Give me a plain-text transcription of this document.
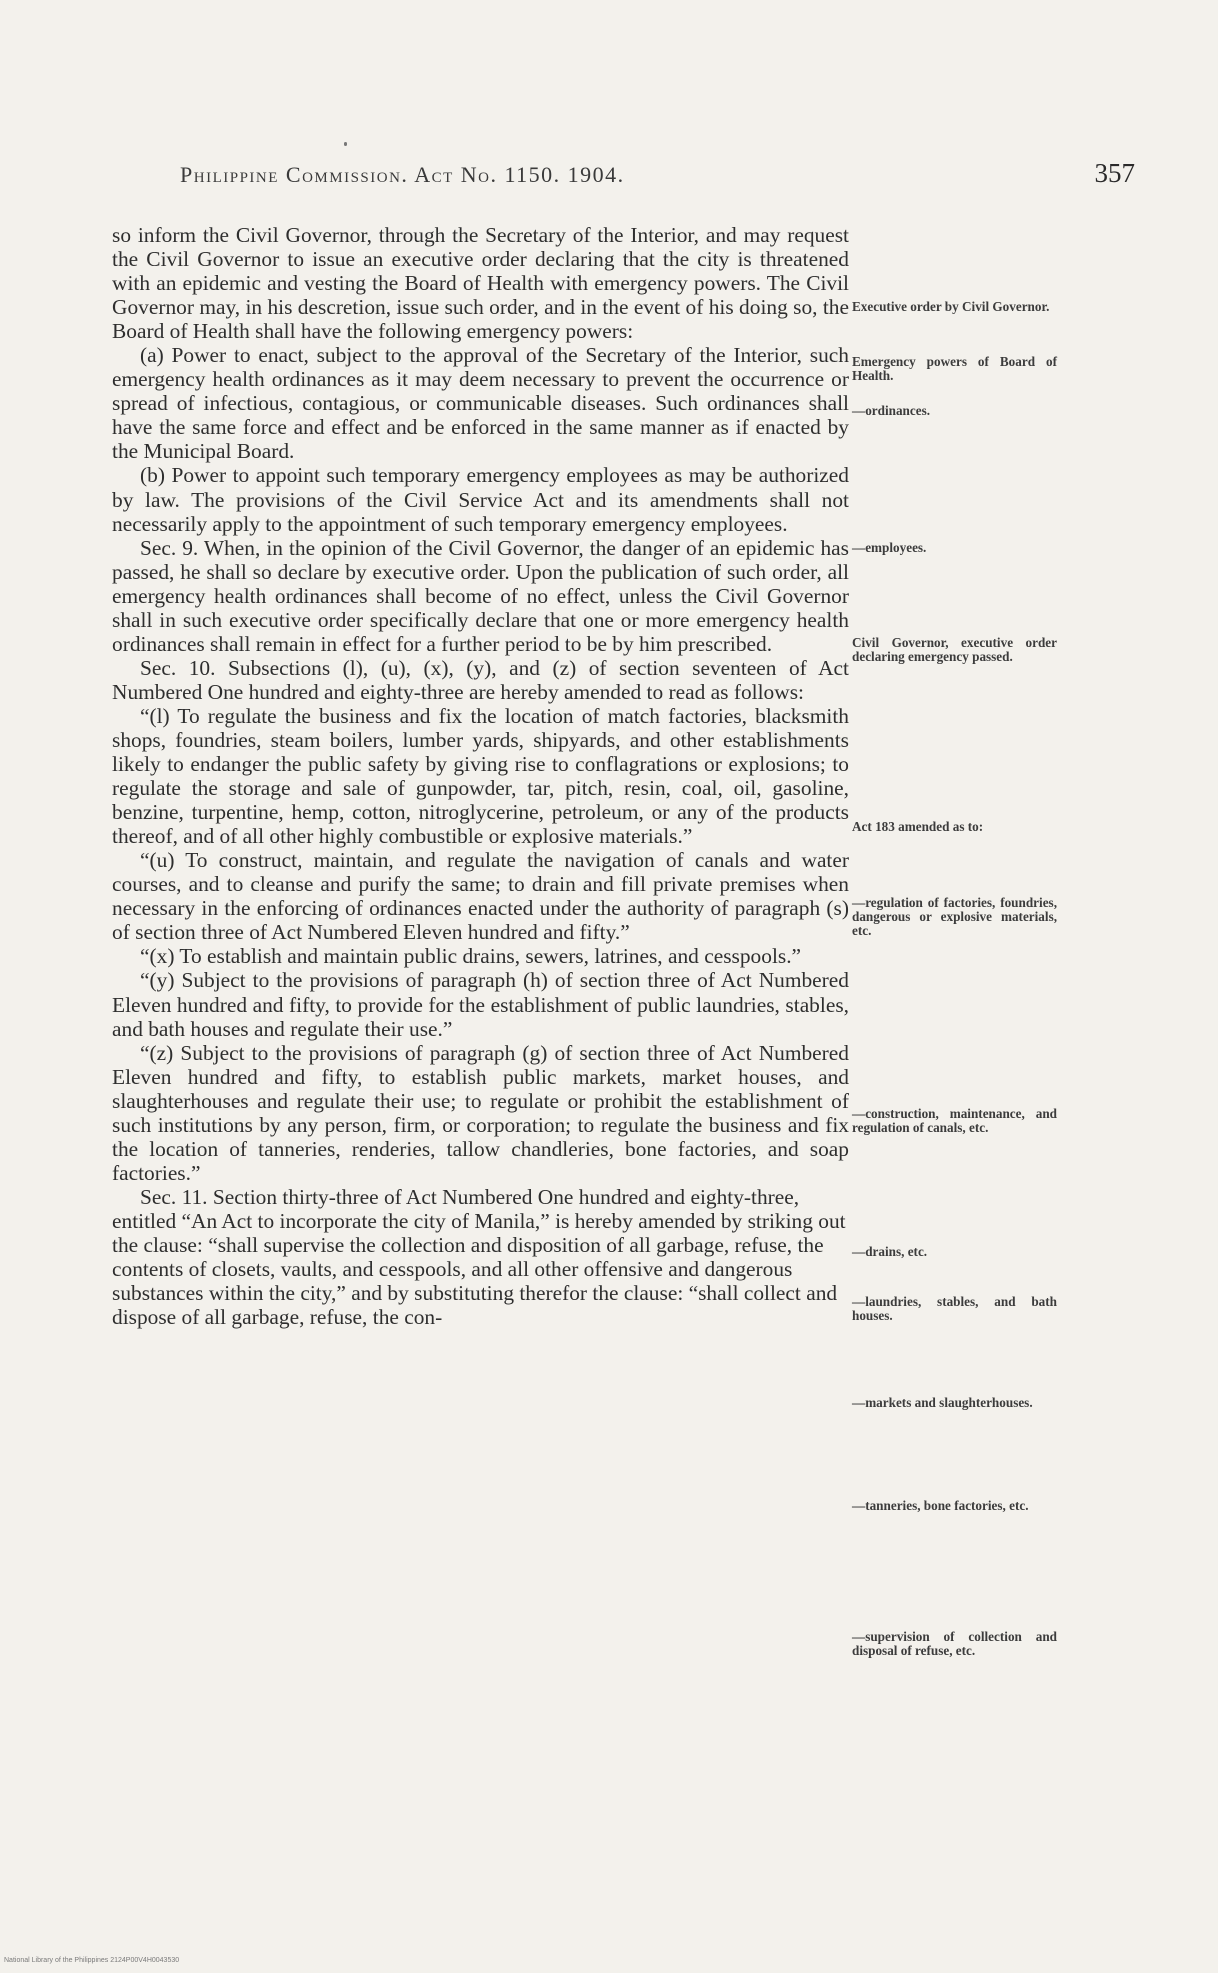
Philippine Commission. Act No. 1150. 1904.	357

so inform the Civil Governor, through the Secretary of the Interior, and may request the Civil Governor to issue an executive order declaring that the city is threatened with an epidemic and vesting the Board of Health with emergency powers. The Civil Governor may, in his descretion, issue such order, and in the event of his doing so, the Board of Health shall have the following emergency powers:

(a) Power to enact, subject to the approval of the Secretary of the Interior, such emergency health ordinances as it may deem necessary to prevent the occurrence or spread of infectious, contagious, or communicable diseases. Such ordinances shall have the same force and effect and be enforced in the same manner as if enacted by the Municipal Board.

(b) Power to appoint such temporary emergency employees as may be authorized by law. The provisions of the Civil Service Act and its amendments shall not necessarily apply to the appointment of such temporary emergency employees.

Sec. 9. When, in the opinion of the Civil Governor, the danger of an epidemic has passed, he shall so declare by executive order. Upon the publication of such order, all emergency health ordinances shall become of no effect, unless the Civil Governor shall in such executive order specifically declare that one or more emergency health ordinances shall remain in effect for a further period to be by him prescribed.

Sec. 10. Subsections (l), (u), (x), (y), and (z) of section seventeen of Act Numbered One hundred and eighty-three are hereby amended to read as follows:

“(l) To regulate the business and fix the location of match factories, blacksmith shops, foundries, steam boilers, lumber yards, shipyards, and other establishments likely to endanger the public safety by giving rise to conflagrations or explosions; to regulate the storage and sale of gunpowder, tar, pitch, resin, coal, oil, gasoline, benzine, turpentine, hemp, cotton, nitroglycerine, petroleum, or any of the products thereof, and of all other highly combustible or explosive materials.”

“(u) To construct, maintain, and regulate the navigation of canals and water courses, and to cleanse and purify the same; to drain and fill private premises when necessary in the enforcing of ordinances enacted under the authority of paragraph (s) of section three of Act Numbered Eleven hundred and fifty.”

“(x) To establish and maintain public drains, sewers, latrines, and cesspools.”

“(y) Subject to the provisions of paragraph (h) of section three of Act Numbered Eleven hundred and fifty, to provide for the establishment of public laundries, stables, and bath houses and regulate their use.”

“(z) Subject to the provisions of paragraph (g) of section three of Act Numbered Eleven hundred and fifty, to establish public markets, market houses, and slaughterhouses and regulate their use; to regulate or prohibit the establishment of such institutions by any person, firm, or corporation; to regulate the business and fix the location of tanneries, renderies, tallow chandleries, bone factories, and soap factories.”

Sec. 11. Section thirty-three of Act Numbered One hundred and eighty-three, entitled “An Act to incorporate the city of Manila,” is hereby amended by striking out the clause: “shall supervise the collection and disposition of all garbage, refuse, the contents of closets, vaults, and cesspools, and all other offensive and dangerous substances within the city,” and by substituting therefor the clause: “shall collect and dispose of all garbage, refuse, the con-

Executive order by Civil Governor.
Emergency powers of Board of Health.
—ordinances.
—employees.
Civil Governor, executive order declaring emergency passed.
Act 183 amended as to:
—regulation of factories, foundries, dangerous or explosive materials, etc.
—construction, maintenance, and regulation of canals, etc.
—drains, etc.
—laundries, stables, and bath houses.
—markets and slaughterhouses.
—tanneries, bone factories, etc.
—supervision of collection and disposal of refuse, etc.
National Library of the Philippines 2124P00V4H0043530
